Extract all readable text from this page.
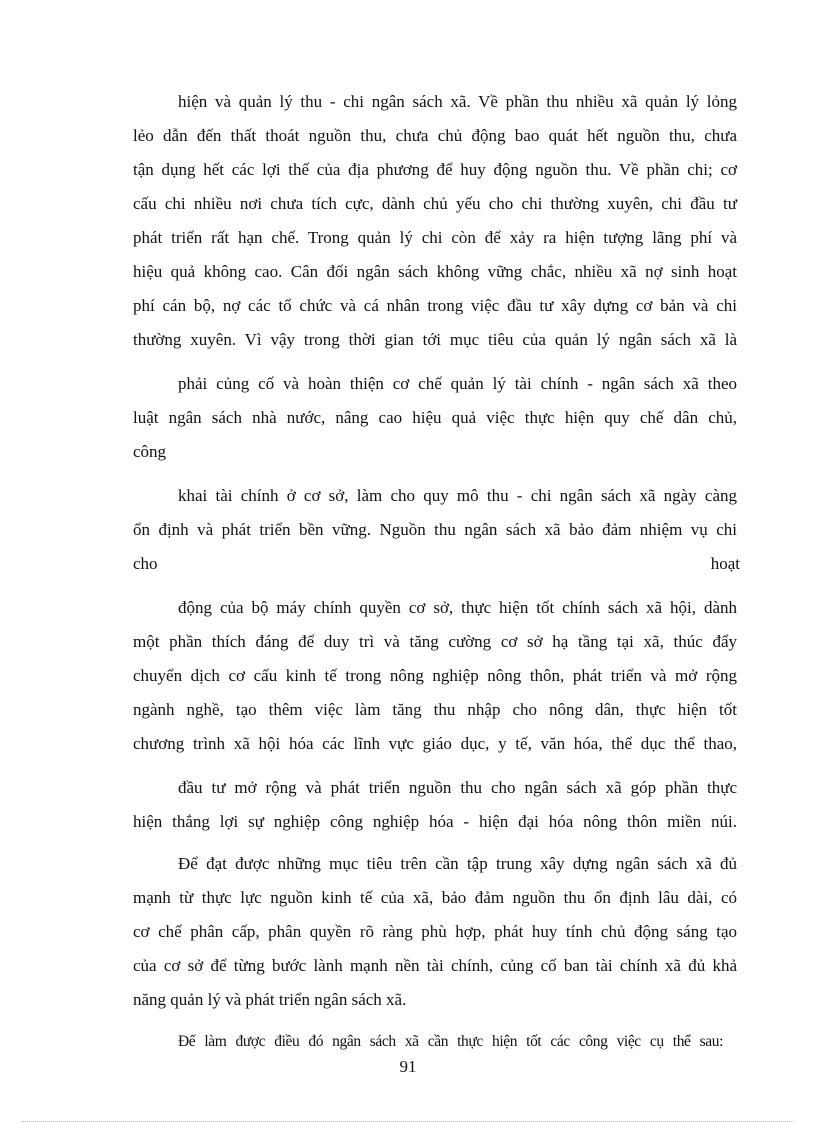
hiện và quản lý thu - chi ngân sách xã. Về phần thu nhiều xã quản lý lỏng
lẻo dẫn đến thất thoát nguồn thu, chưa chủ động bao quát hết nguồn thu, chưa
tận dụng hết các lợi thế của địa phương để huy động nguồn thu. Về phần chi; cơ
cấu chi nhiều nơi chưa tích cực, dành chủ yếu cho chi thường xuyên, chi đầu tư
phát triển rất hạn chế. Trong quản lý chi còn để xảy ra hiện tượng lãng phí và
hiệu quả không cao. Cân đối ngân sách không vững chắc, nhiều xã nợ sinh hoạt
phí cán bộ, nợ các tổ chức và cá nhân trong việc đầu tư xây dựng cơ bản và chi
thường xuyên. Vì vậy trong thời gian tới mục tiêu của quản lý ngân sách xã là
phải củng cố và hoàn thiện cơ chế quản lý tài chính - ngân sách xã theo
luật ngân sách nhà nước, nâng cao hiệu quả việc thực hiện quy chế dân chủ,
công
khai tài chính ở cơ sở, làm cho quy mô thu - chi ngân sách xã ngày càng
ổn định và phát triển bền vững. Nguồn thu ngân sách xã bảo đảm nhiệm vụ chi
cho	hoạt
động của bộ máy chính quyền cơ sở, thực hiện tốt chính sách xã hội, dành
một phần thích đáng để duy trì và tăng cường cơ sở hạ tầng tại xã, thúc đẩy
chuyển dịch cơ cấu kinh tế trong nông nghiệp nông thôn, phát triển và mở rộng
ngành nghề, tạo thêm việc làm tăng thu nhập cho nông dân, thực hiện tốt
chương trình xã hội hóa các lĩnh vực giáo dục, y tế, văn hóa, thể dục thể thao,
đầu tư mở rộng và phát triển nguồn thu cho ngân sách xã góp phần thực
hiện thắng lợi sự nghiệp công nghiệp hóa - hiện đại hóa nông thôn miền núi.
Để đạt được những mục tiêu trên cần tập trung xây dựng ngân sách xã đủ
mạnh từ thực lực nguồn kinh tế của xã, bảo đảm nguồn thu ổn định lâu dài, có
cơ chế phân cấp, phân quyền rõ ràng phù hợp, phát huy tính chủ động sáng tạo
của cơ sở để từng bước lành mạnh nền tài chính, củng cố ban tài chính xã đủ khả
năng quản lý và phát triển ngân sách xã.
Để làm được điều đó ngân sách xã cần thực hiện tốt các công việc cụ thể sau:
91
